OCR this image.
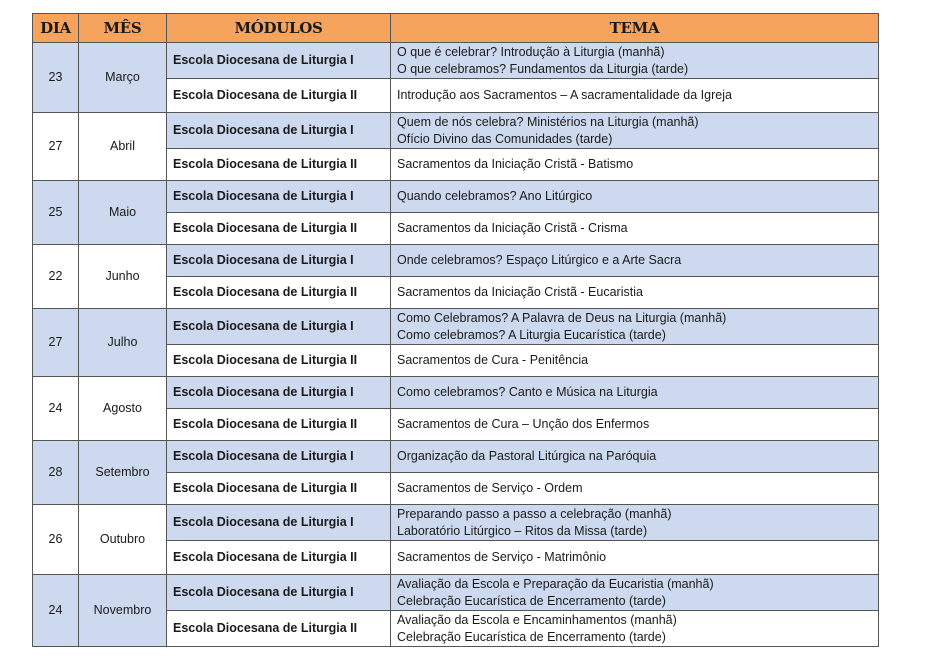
DIA	MÊS	MÓDULOS	TEMA
23	Março	Escola Diocesana de Liturgia I	O que é celebrar? Introdução à Liturgia (manhã)
O que celebramos? Fundamentos da Liturgia (tarde)

		Escola Diocesana de Liturgia II	Introdução aos Sacramentos – A sacramentalidade da Igreja

27	Abril	Escola Diocesana de Liturgia I	Quem de nós celebra? Ministérios na Liturgia (manhã)
Ofício Divino das Comunidades (tarde)

		Escola Diocesana de Liturgia II	Sacramentos da Iniciação Cristã - Batismo

25	Maio	Escola Diocesana de Liturgia I	Quando celebramos? Ano Litúrgico

		Escola Diocesana de Liturgia II	Sacramentos da Iniciação Cristã - Crisma

22	Junho	Escola Diocesana de Liturgia I	Onde celebramos? Espaço Litúrgico e a Arte Sacra

		Escola Diocesana de Liturgia II	Sacramentos da Iniciação Cristã - Eucaristia

27	Julho	Escola Diocesana de Liturgia I	Como Celebramos? A Palavra de Deus na Liturgia (manhã)
Como celebramos? A Liturgia Eucarística (tarde)

		Escola Diocesana de Liturgia II	Sacramentos de Cura - Penitência

24	Agosto	Escola Diocesana de Liturgia I	Como celebramos? Canto e Música na Liturgia

		Escola Diocesana de Liturgia II	Sacramentos de Cura – Unção dos Enfermos

28	Setembro	Escola Diocesana de Liturgia I	Organização da Pastoral Litúrgica na Paróquia

		Escola Diocesana de Liturgia II	Sacramentos de Serviço - Ordem

26	Outubro	Escola Diocesana de Liturgia I	Preparando passo a passo a celebração (manhã)
Laboratório Litúrgico – Ritos da Missa (tarde)

		Escola Diocesana de Liturgia II	Sacramentos de Serviço - Matrimônio

24	Novembro	Escola Diocesana de Liturgia I	Avaliação da Escola e Preparação da Eucaristia (manhã)
Celebração Eucarística de Encerramento (tarde)

		Escola Diocesana de Liturgia II	Avaliação da Escola e Encaminhamentos (manhã)
Celebração Eucarística de Encerramento (tarde)
